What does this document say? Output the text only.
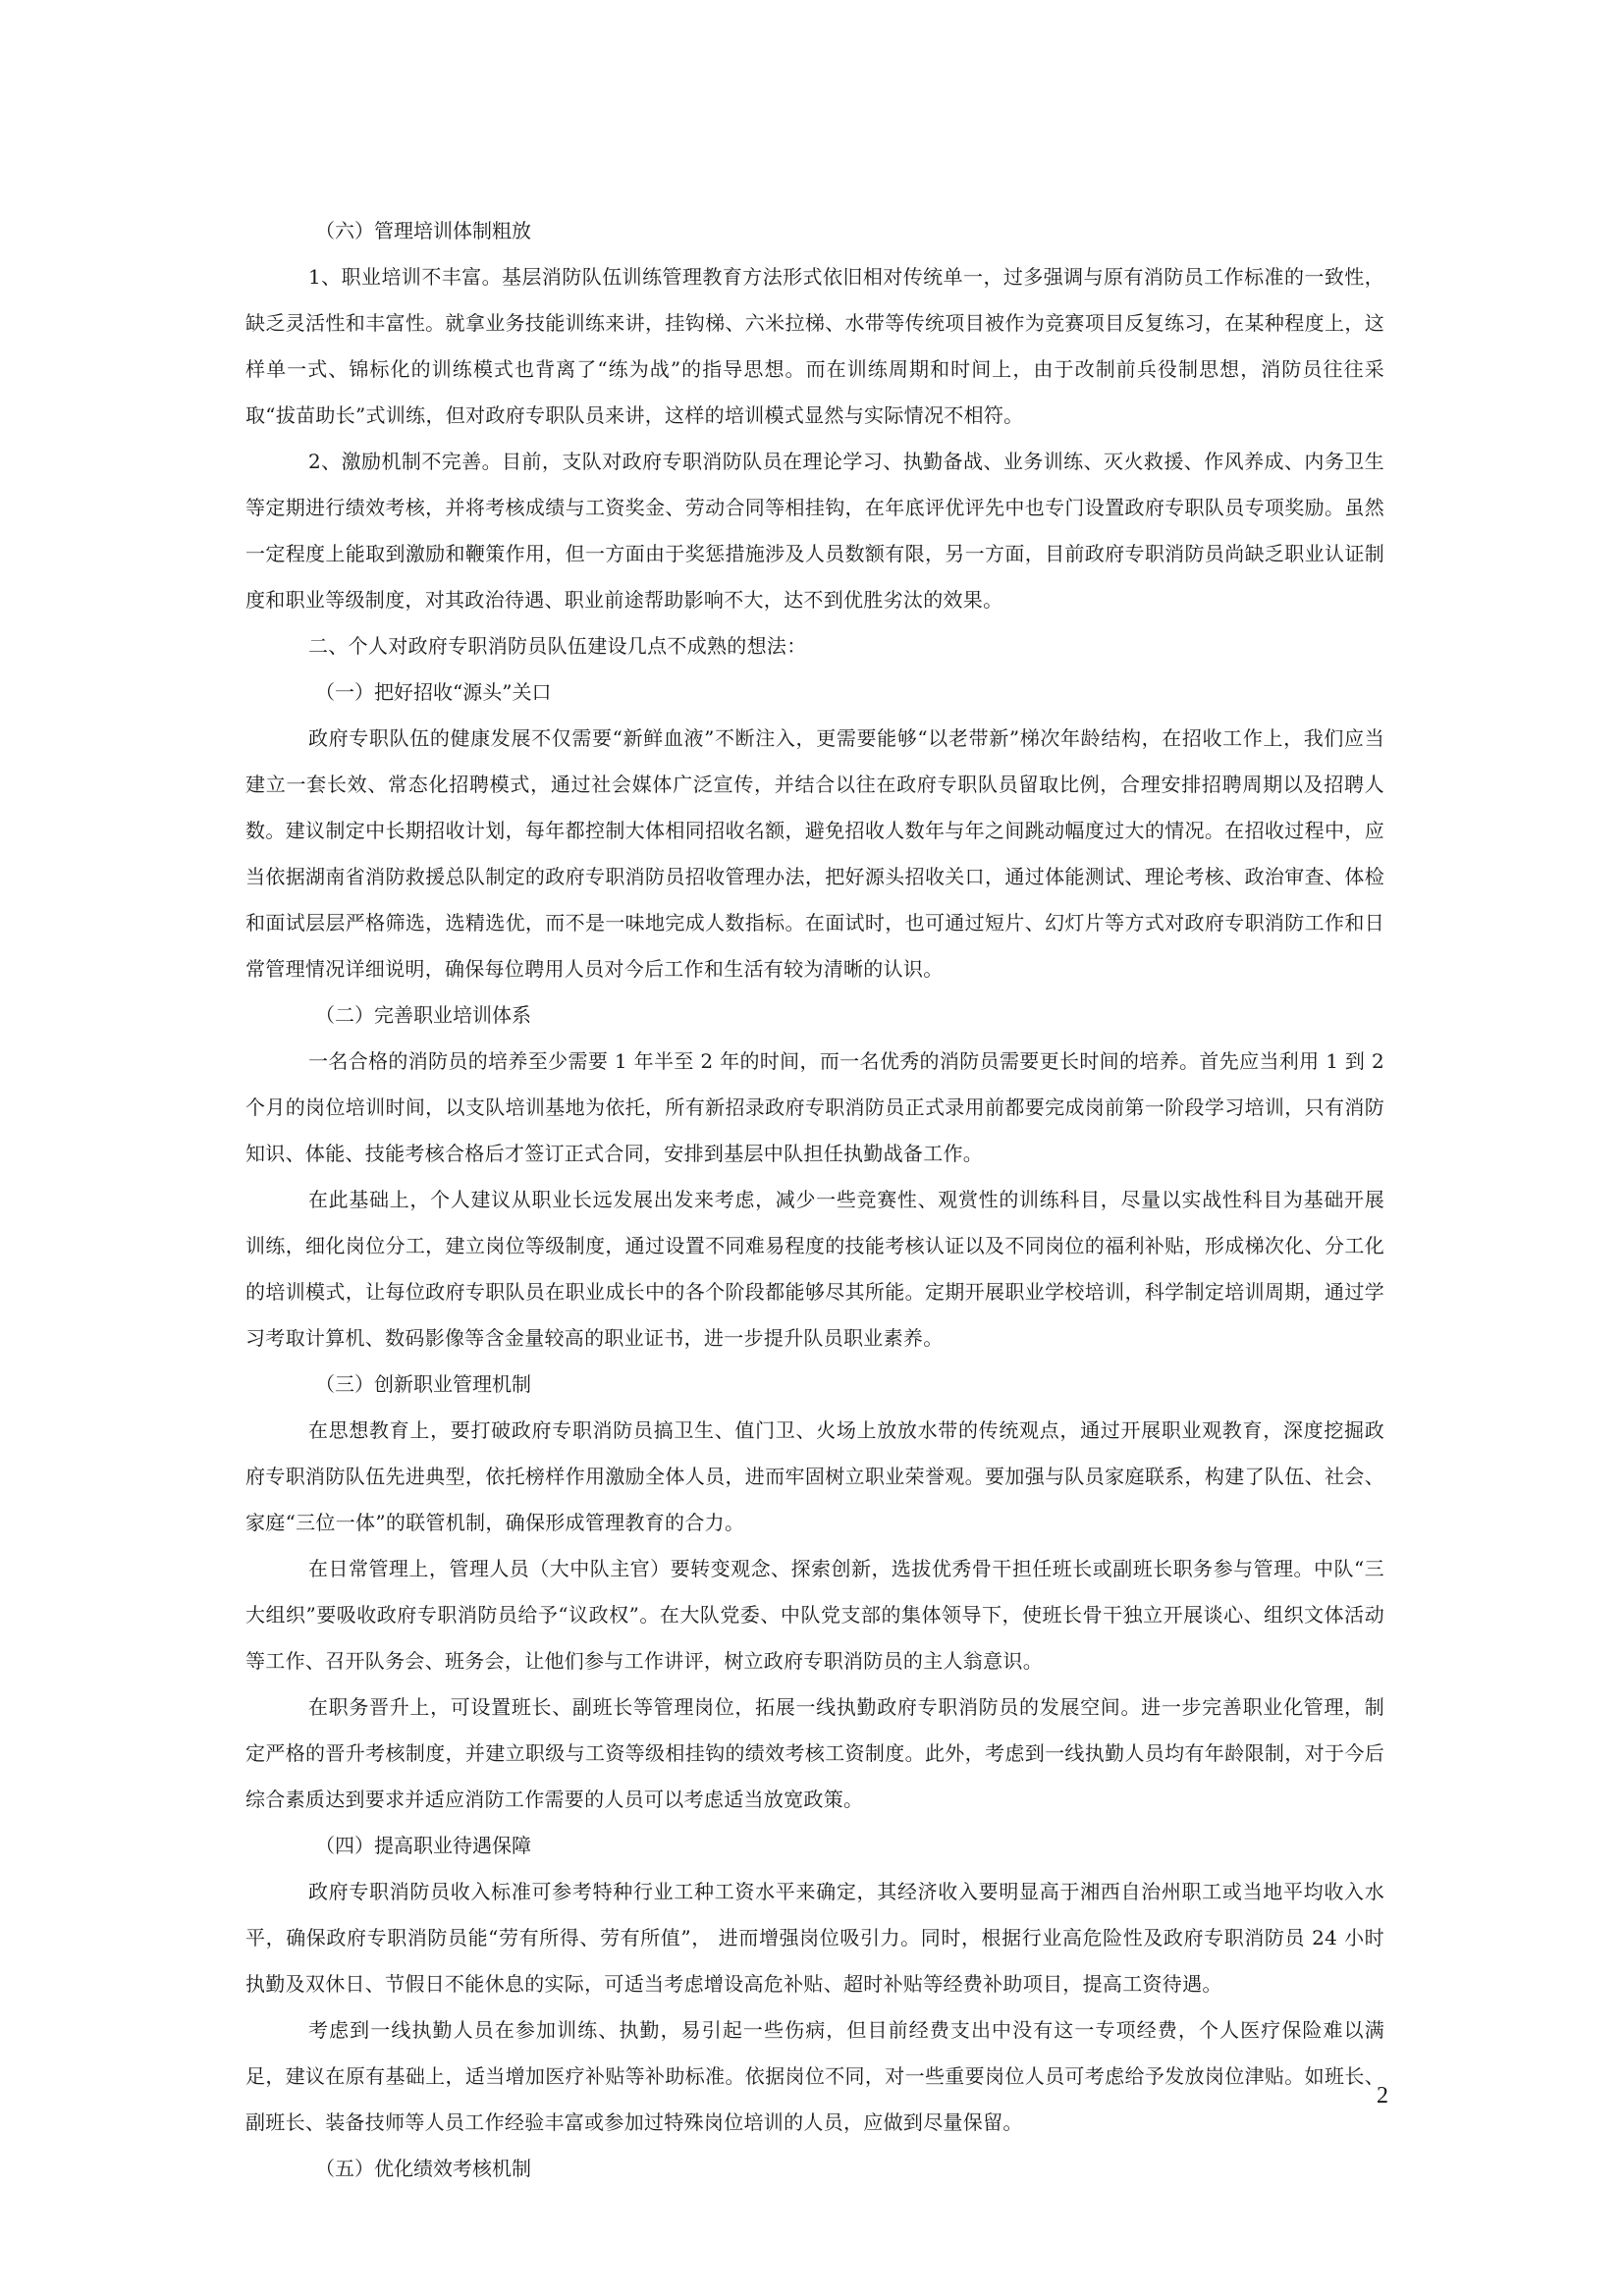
（六）管理培训体制粗放
1、职业培训不丰富。基层消防队伍训练管理教育方法形式依旧相对传统单一，过多强调与原有消防员工作标准的一致性，缺乏灵活性和丰富性。就拿业务技能训练来讲，挂钩梯、六米拉梯、水带等传统项目被作为竞赛项目反复练习，在某种程度上，这样单一式、锦标化的训练模式也背离了“练为战”的指导思想。而在训练周期和时间上，由于改制前兵役制思想，消防员往往采取“拔苗助长”式训练，但对政府专职队员来讲，这样的培训模式显然与实际情况不相符。
2、激励机制不完善。目前，支队对政府专职消防队员在理论学习、执勤备战、业务训练、灭火救援、作风养成、内务卫生等定期进行绩效考核，并将考核成绩与工资奖金、劳动合同等相挂钩，在年底评优评先中也专门设置政府专职队员专项奖励。虽然一定程度上能取到激励和鞭策作用，但一方面由于奖惩措施涉及人员数额有限，另一方面，目前政府专职消防员尚缺乏职业认证制度和职业等级制度，对其政治待遇、职业前途帮助影响不大，达不到优胜劣汰的效果。
二、个人对政府专职消防员队伍建设几点不成熟的想法：
（一）把好招收“源头”关口
政府专职队伍的健康发展不仅需要“新鲜血液”不断注入，更需要能够“以老带新”梯次年龄结构，在招收工作上，我们应当建立一套长效、常态化招聘模式，通过社会媒体广泛宣传，并结合以往在政府专职队员留取比例，合理安排招聘周期以及招聘人数。建议制定中长期招收计划，每年都控制大体相同招收名额，避免招收人数年与年之间跳动幅度过大的情况。在招收过程中，应当依据湖南省消防救援总队制定的政府专职消防员招收管理办法，把好源头招收关口，通过体能测试、理论考核、政治审查、体检和面试层层严格筛选，选精选优，而不是一味地完成人数指标。在面试时，也可通过短片、幻灯片等方式对政府专职消防工作和日常管理情况详细说明，确保每位聘用人员对今后工作和生活有较为清晰的认识。
（二）完善职业培训体系
一名合格的消防员的培养至少需要 1 年半至 2 年的时间，而一名优秀的消防员需要更长时间的培养。首先应当利用 1 到 2 个月的岗位培训时间，以支队培训基地为依托，所有新招录政府专职消防员正式录用前都要完成岗前第一阶段学习培训，只有消防知识、体能、技能考核合格后才签订正式合同，安排到基层中队担任执勤战备工作。
在此基础上，个人建议从职业长远发展出发来考虑，减少一些竞赛性、观赏性的训练科目，尽量以实战性科目为基础开展训练，细化岗位分工，建立岗位等级制度，通过设置不同难易程度的技能考核认证以及不同岗位的福利补贴，形成梯次化、分工化的培训模式，让每位政府专职队员在职业成长中的各个阶段都能够尽其所能。定期开展职业学校培训，科学制定培训周期，通过学习考取计算机、数码影像等含金量较高的职业证书，进一步提升队员职业素养。
（三）创新职业管理机制
在思想教育上，要打破政府专职消防员搞卫生、值门卫、火场上放放水带的传统观点，通过开展职业观教育，深度挖掘政府专职消防队伍先进典型，依托榜样作用激励全体人员，进而牢固树立职业荣誉观。要加强与队员家庭联系，构建了队伍、社会、家庭“三位一体”的联管机制，确保形成管理教育的合力。
在日常管理上，管理人员（大中队主官）要转变观念、探索创新，选拔优秀骨干担任班长或副班长职务参与管理。中队“三大组织”要吸收政府专职消防员给予“议政权”。在大队党委、中队党支部的集体领导下，使班长骨干独立开展谈心、组织文体活动等工作、召开队务会、班务会，让他们参与工作讲评，树立政府专职消防员的主人翁意识。
在职务晋升上，可设置班长、副班长等管理岗位，拓展一线执勤政府专职消防员的发展空间。进一步完善职业化管理，制定严格的晋升考核制度，并建立职级与工资等级相挂钩的绩效考核工资制度。此外，考虑到一线执勤人员均有年龄限制，对于今后综合素质达到要求并适应消防工作需要的人员可以考虑适当放宽政策。
（四）提高职业待遇保障
政府专职消防员收入标准可参考特种行业工种工资水平来确定，其经济收入要明显高于湘西自治州职工或当地平均收入水平，确保政府专职消防员能“劳有所得、劳有所值”， 进而增强岗位吸引力。同时，根据行业高危险性及政府专职消防员 24 小时执勤及双休日、节假日不能休息的实际，可适当考虑增设高危补贴、超时补贴等经费补助项目，提高工资待遇。
考虑到一线执勤人员在参加训练、执勤，易引起一些伤病，但目前经费支出中没有这一专项经费，个人医疗保险难以满足，建议在原有基础上，适当增加医疗补贴等补助标准。依据岗位不同，对一些重要岗位人员可考虑给予发放岗位津贴。如班长、副班长、装备技师等人员工作经验丰富或参加过特殊岗位培训的人员，应做到尽量保留。
（五）优化绩效考核机制
2
